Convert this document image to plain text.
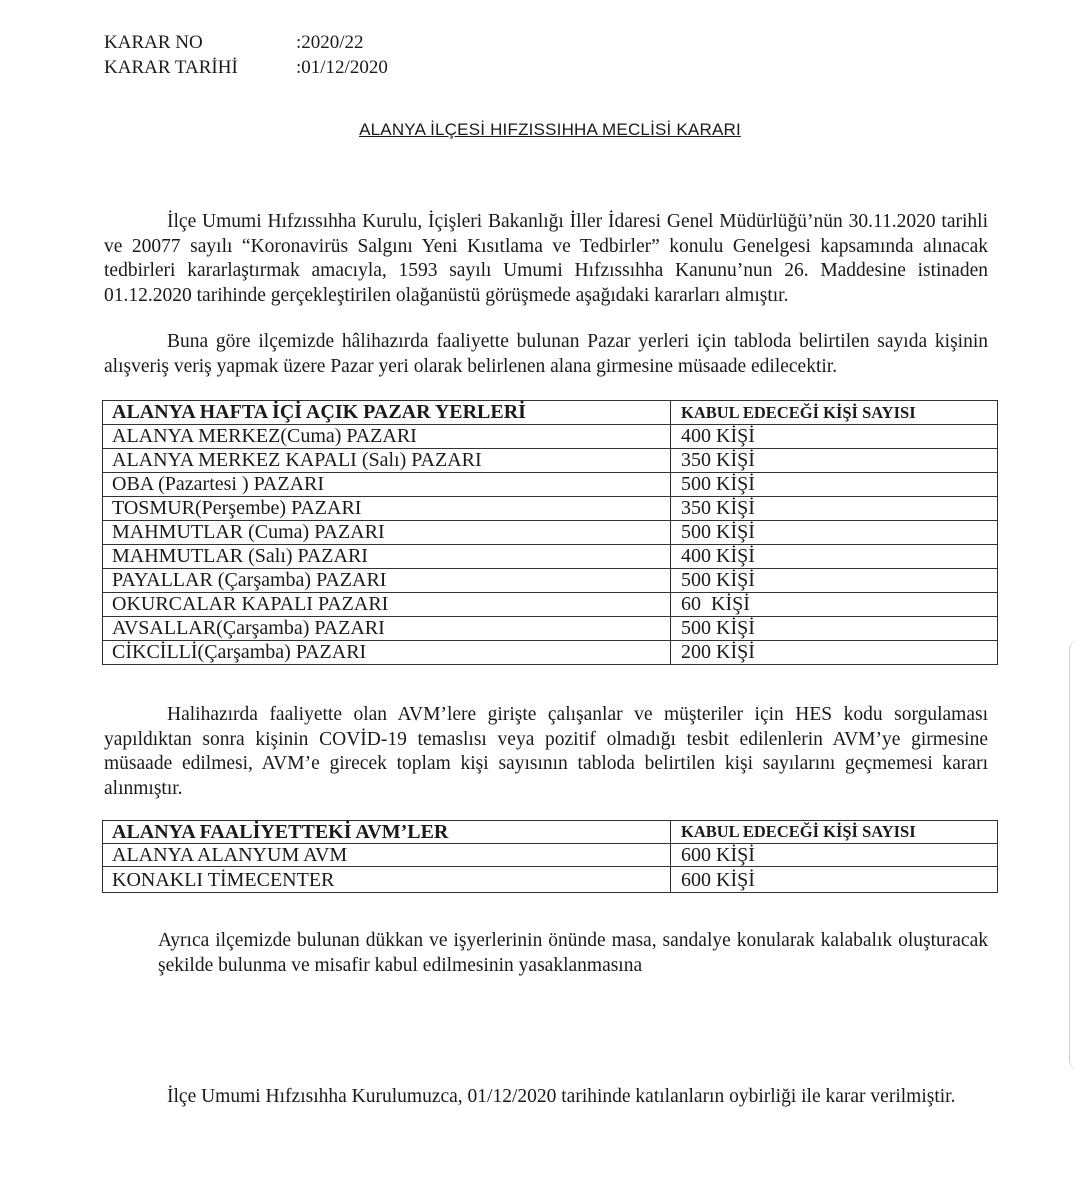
KARAR NO	:2020/22
KARAR TARİHİ	:01/12/2020
ALANYA İLÇESİ HIFZISSIHHA MECLİSİ KARARI

İlçe Umumi Hıfzıssıhha Kurulu, İçişleri Bakanlığı İller İdaresi Genel Müdürlüğü’nün 30.11.2020 tarihli ve 20077 sayılı “Koronavirüs Salgını Yeni Kısıtlama ve Tedbirler” konulu Genelgesi kapsamında alınacak tedbirleri kararlaştırmak amacıyla, 1593 sayılı Umumi Hıfzıssıhha Kanunu’nun 26. Maddesine istinaden 01.12.2020 tarihinde gerçekleştirilen olağanüstü görüşmede aşağıdaki kararları almıştır.

Buna göre ilçemizde hâlihazırda faaliyette bulunan Pazar yerleri için tabloda belirtilen sayıda kişinin alışveriş veriş yapmak üzere Pazar yeri olarak belirlenen alana girmesine müsaade edilecektir.

ALANYA HAFTA İÇİ AÇIK PAZAR YERLERİ	KABUL EDECEĞİ KİŞİ SAYISI
ALANYA MERKEZ(Cuma) PAZARI	400 KİŞİ
ALANYA MERKEZ KAPALI (Salı) PAZARI	350 KİŞİ
OBA (Pazartesi ) PAZARI	500 KİŞİ
TOSMUR(Perşembe) PAZARI	350 KİŞİ
MAHMUTLAR (Cuma) PAZARI	500 KİŞİ
MAHMUTLAR (Salı) PAZARI	400 KİŞİ
PAYALLAR (Çarşamba) PAZARI	500 KİŞİ
OKURCALAR KAPALI PAZARI	60  KİŞİ
AVSALLAR(Çarşamba) PAZARI	500 KİŞİ
CİKCİLLİ(Çarşamba) PAZARI	200 KİŞİ

Halihazırda faaliyette olan AVM’lere girişte çalışanlar ve müşteriler için HES kodu sorgulaması yapıldıktan sonra kişinin COVİD-19 temaslısı veya pozitif olmadığı tesbit edilenlerin AVM’ye girmesine müsaade edilmesi, AVM’e girecek toplam kişi sayısının tabloda belirtilen kişi sayılarını geçmemesi kararı alınmıştır.

ALANYA FAALİYETTEKİ AVM’LER	KABUL EDECEĞİ KİŞİ SAYISI
ALANYA ALANYUM AVM	600 KİŞİ
KONAKLI TİMECENTER	600 KİŞİ

Ayrıca ilçemizde bulunan dükkan ve işyerlerinin önünde masa, sandalye konularak kalabalık oluşturacak şekilde bulunma ve misafir kabul edilmesinin yasaklanmasına

İlçe Umumi Hıfzısıhha Kurulumuzca, 01/12/2020 tarihinde katılanların oybirliği ile karar verilmiştir.
